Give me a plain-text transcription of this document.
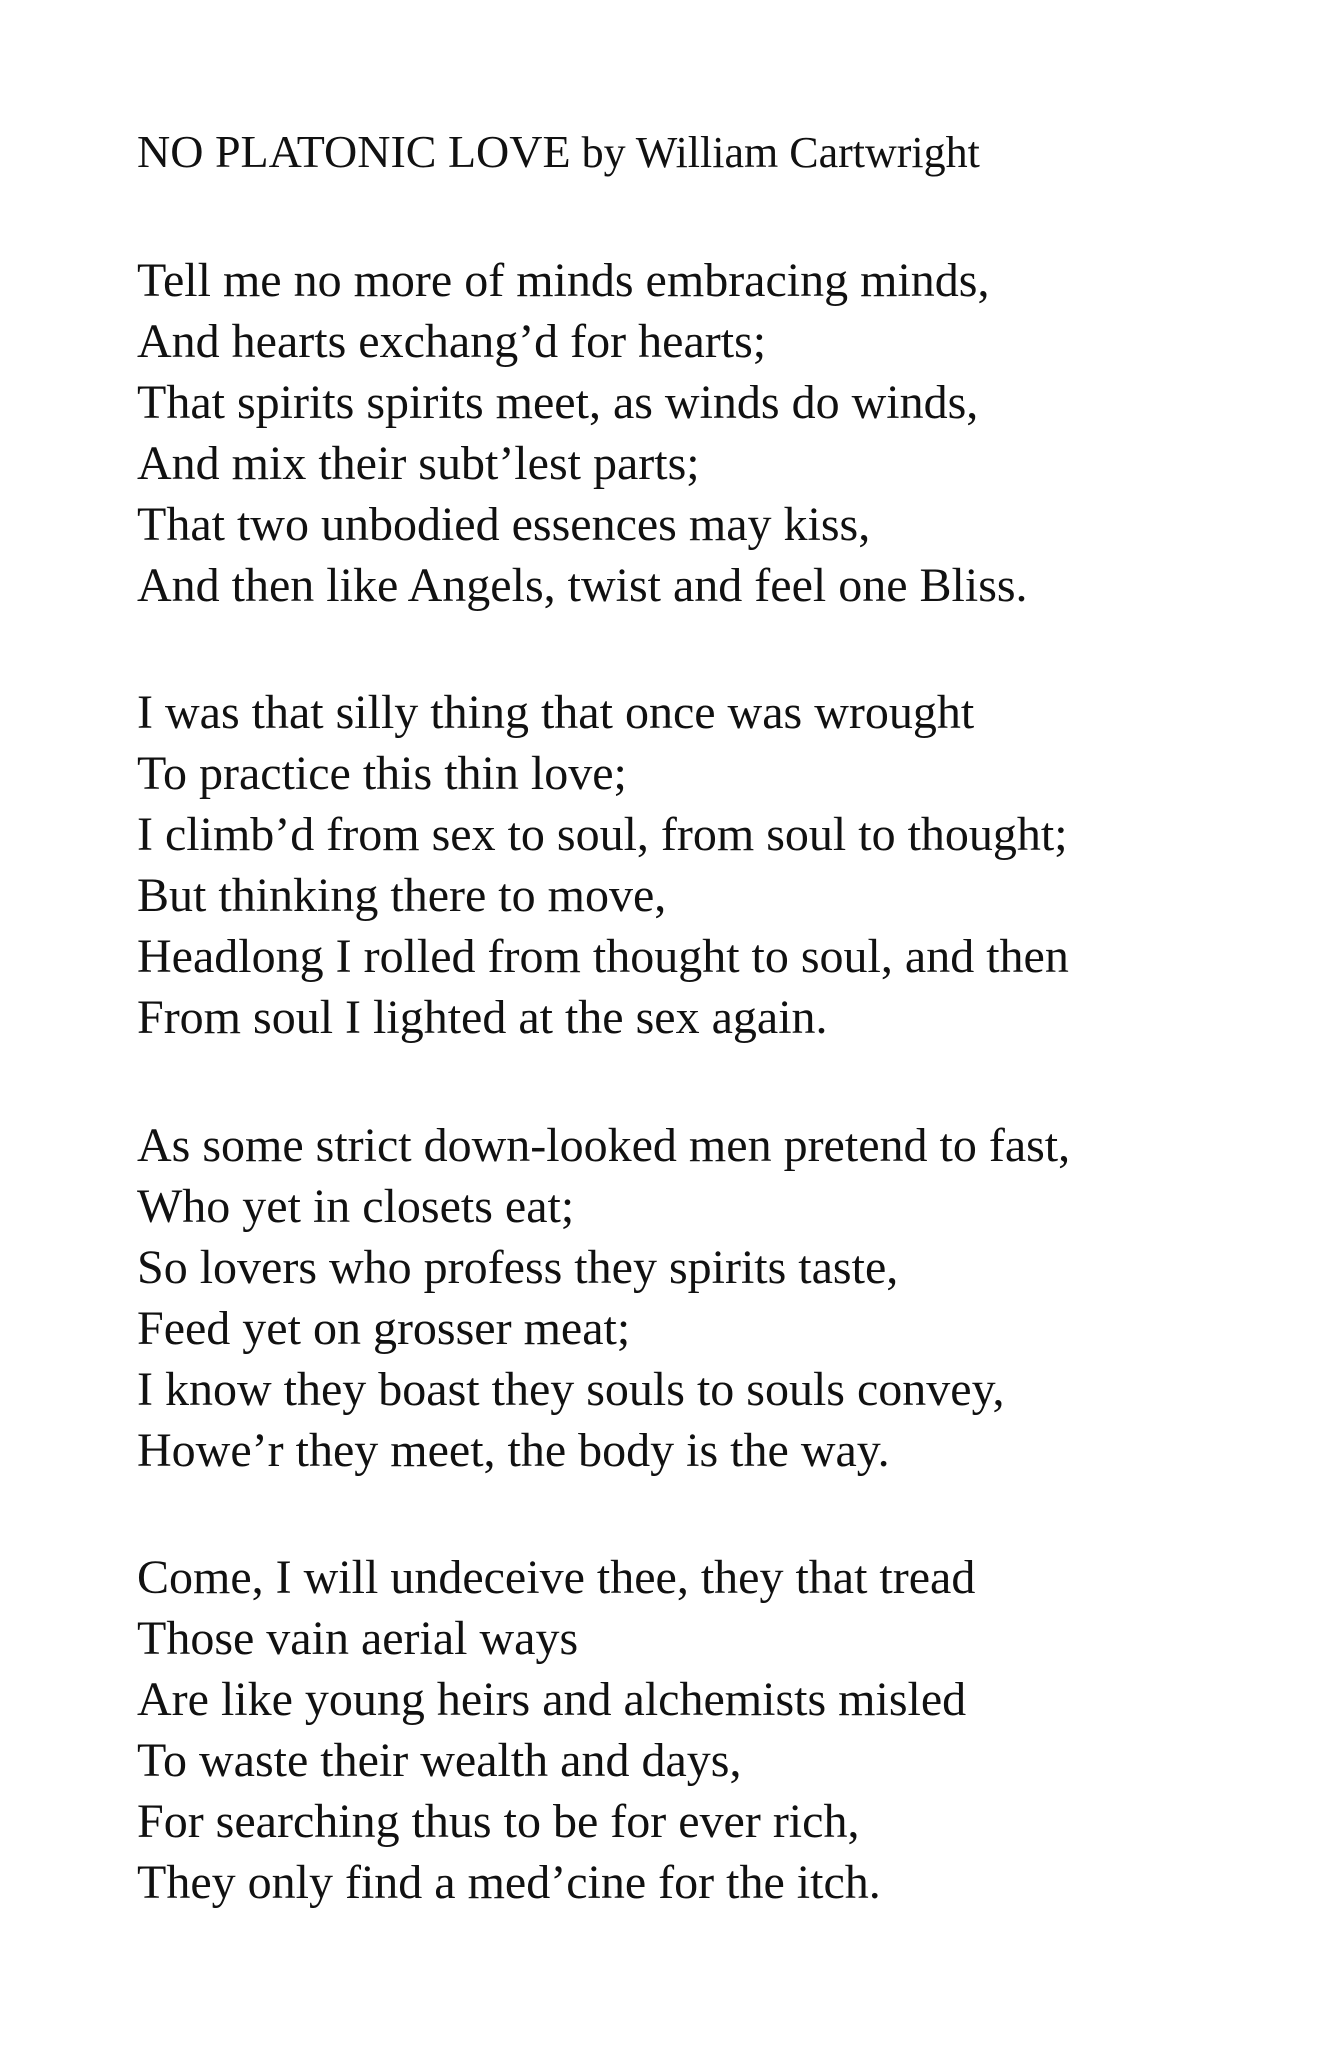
NO PLATONIC LOVE by William Cartwright
Tell me no more of minds embracing minds,
And hearts exchang’d for hearts;
That spirits spirits meet, as winds do winds,
And mix their subt’lest parts;
That two unbodied essences may kiss,
And then like Angels, twist and feel one Bliss.
I was that silly thing that once was wrought
To practice this thin love;
I climb’d from sex to soul, from soul to thought;
But thinking there to move,
Headlong I rolled from thought to soul, and then
From soul I lighted at the sex again.
As some strict down-looked men pretend to fast,
Who yet in closets eat;
So lovers who profess they spirits taste,
Feed yet on grosser meat;
I know they boast they souls to souls convey,
Howe’r they meet, the body is the way.
Come, I will undeceive thee, they that tread
Those vain aerial ways
Are like young heirs and alchemists misled
To waste their wealth and days,
For searching thus to be for ever rich,
They only find a med’cine for the itch.
